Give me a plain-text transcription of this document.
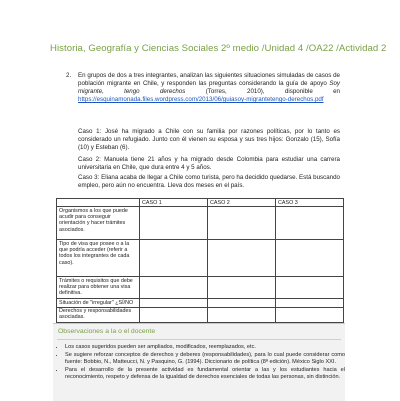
Historia, Geografía y Ciencias Sociales 2º medio /Unidad 4 /OA22 /Actividad 2
2. En grupos de dos a tres integrantes, analizan las siguientes situaciones simuladas de casos de población migrante en Chile, y responden las preguntas considerando la guía de apoyo Soy migrante, tengo derechos (Torres, 2010), disponible en https://esquinamonada.files.wordpress.com/2013/06/guiasoy-migrantetengo-derechos.pdf
Caso 1: José ha migrado a Chile con su familia por razones políticas, por lo tanto es considerado un refugiado. Junto con él vienen su esposa y sus tres hijos: Gonzalo (15), Sofía (10) y Esteban (6).
Caso 2: Manuela tiene 21 años y ha migrado desde Colombia para estudiar una carrera universitaria en Chile, que dura entre 4 y 5 años.
Caso 3: Eliana acaba de llegar a Chile como turista, pero ha decidido quedarse. Está buscando empleo, pero aún no encuentra. Lleva dos meses en el país.
	CASO 1	CASO 2	CASO 3
Organismos a los que puede acudir para conseguir orientación y hacer trámites asociados.			
Tipo de visa que posee o a la que podría acceder (referir a todos los integrantes de cada caso).			
Trámites o requisitos que debe realizar para obtener una visa definitiva.			
Situación de "irregular" ¿SÍ/NO			
Derechos y responsabilidades asociadas.			
Observaciones a la o el docente
• Los casos sugeridos pueden ser ampliados, modificados, reemplazados, etc.
• Se sugiere reforzar conceptos de derechos y deberes (responsabilidades), para lo cual puede considerar como fuente: Bobbio, N., Matteucci, N. y Pasquino, G. (1994). Diccionario de política (8ª edición). México Siglo XXI.
• Para el desarrollo de la presente actividad es fundamental orientar a las y los estudiantes hacia el reconocimiento, respeto y defensa de la igualdad de derechos esenciales de todas las personas, sin distinción.
